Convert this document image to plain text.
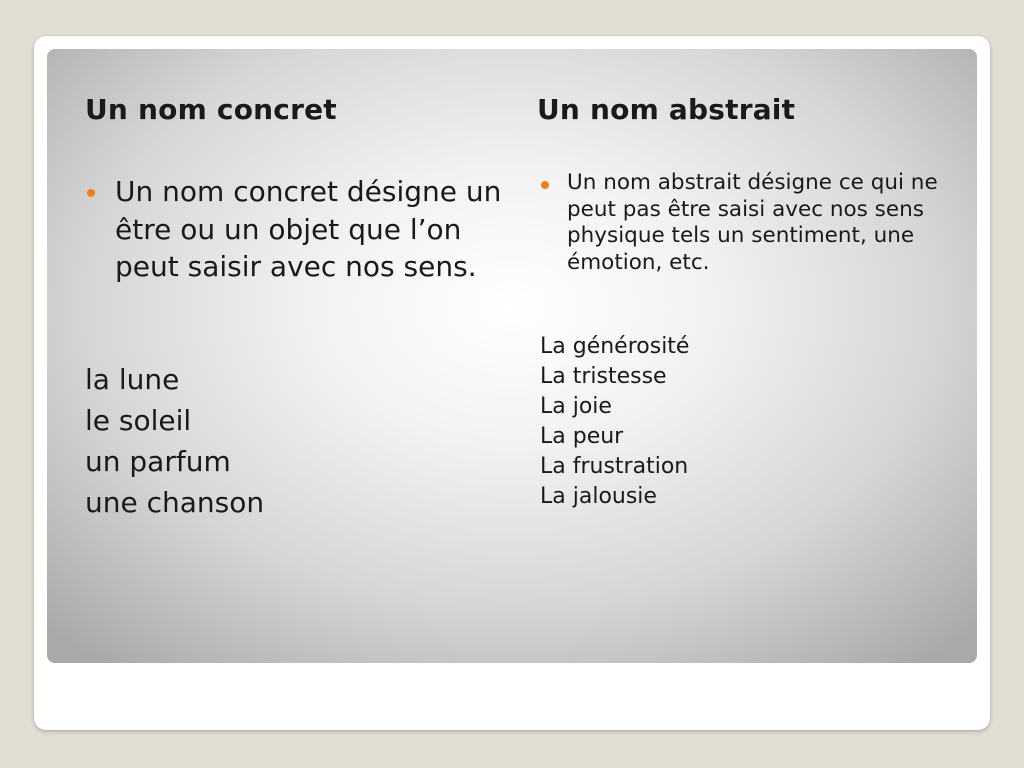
Un nom concret

Un nom concret désigne un être ou un objet que l’on peut saisir avec nos sens.

la lune
le soleil
un parfum
une chanson
Un nom abstrait

Un nom abstrait désigne ce qui ne peut pas être saisi avec nos sens physique tels un sentiment, une émotion, etc.

La générosité
La tristesse
La joie
La peur
La frustration
La jalousie
